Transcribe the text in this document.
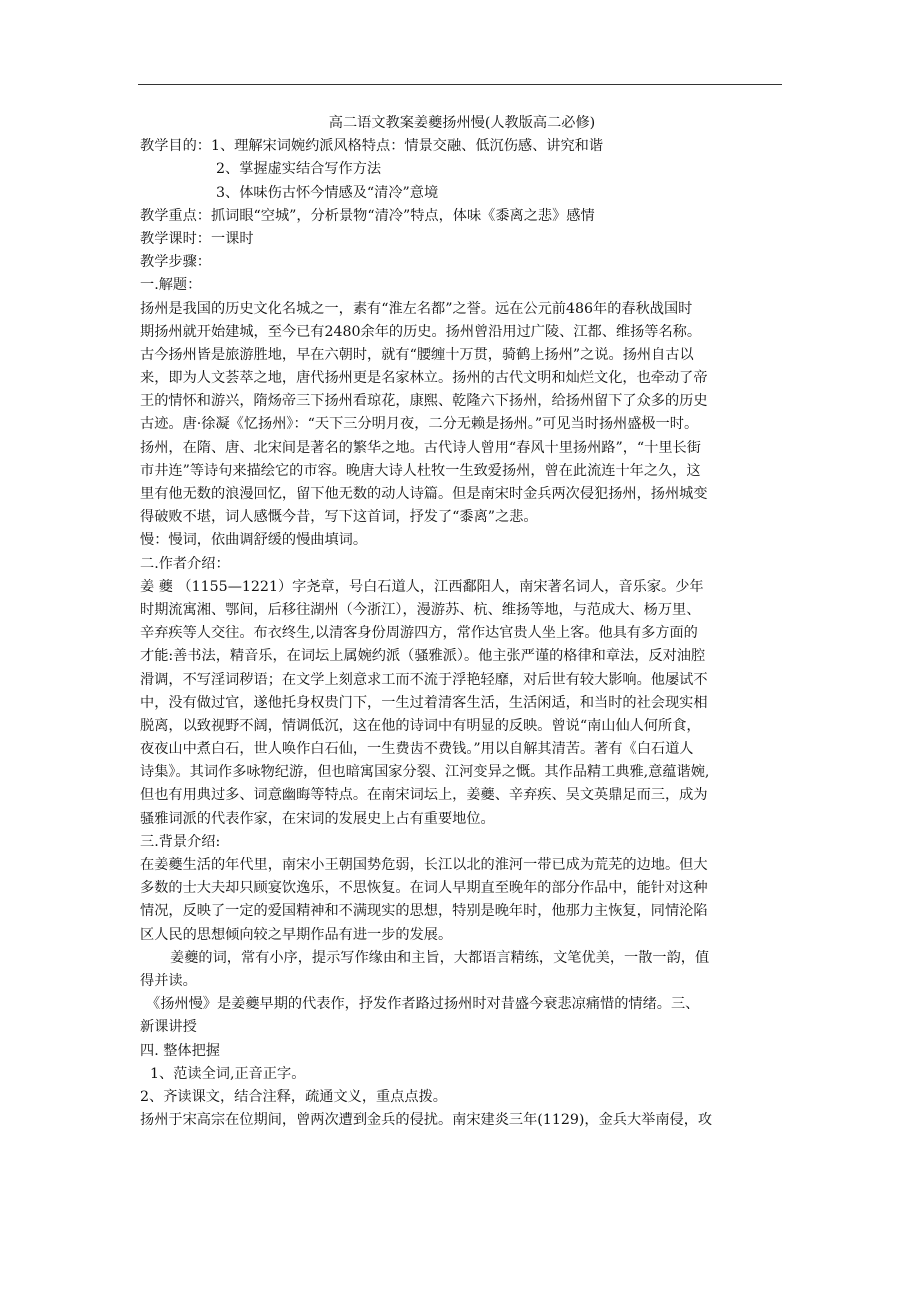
高二语文教案姜夔扬州慢(人教版高二必修)
教学目的：1、理解宋词婉约派风格特点：情景交融、低沉伤感、讲究和谐
2、掌握虚实结合写作方法
3、体味伤古怀今情感及“清冷”意境
教学重点：抓词眼“空城”，分析景物“清冷”特点，体味《黍离之悲》感情
教学课时：一课时
教学步骤：
一.解题：
扬州是我国的历史文化名城之一，素有“淮左名都”之誉。远在公元前486年的春秋战国时
期扬州就开始建城，至今已有2480余年的历史。扬州曾沿用过广陵、江都、维扬等名称。
古今扬州皆是旅游胜地，早在六朝时，就有“腰缠十万贯，骑鹤上扬州”之说。扬州自古以
来，即为人文荟萃之地，唐代扬州更是名家林立。扬州的古代文明和灿烂文化，也牵动了帝
王的情怀和游兴，隋炀帝三下扬州看琼花，康熙、乾隆六下扬州，给扬州留下了众多的历史
古迹。唐·徐凝《忆扬州》：“天下三分明月夜，二分无赖是扬州。”可见当时扬州盛极一时。
扬州，在隋、唐、北宋间是著名的繁华之地。古代诗人曾用“春风十里扬州路”，“十里长街
市井连”等诗句来描绘它的市容。晚唐大诗人杜牧一生致爱扬州，曾在此流连十年之久，这
里有他无数的浪漫回忆，留下他无数的动人诗篇。但是南宋时金兵两次侵犯扬州，扬州城变
得破败不堪，词人感慨今昔，写下这首词，抒发了“黍离”之悲。
慢：慢词，依曲调舒缓的慢曲填词。
二.作者介绍：
姜 夔 （1155—1221）字尧章，号白石道人，江西鄱阳人，南宋著名词人，音乐家。少年
时期流寓湘、鄂间，后移往湖州（今浙江），漫游苏、杭、维扬等地，与范成大、杨万里、
辛弃疾等人交往。布衣终生,以清客身份周游四方，常作达官贵人坐上客。他具有多方面的
才能:善书法，精音乐，在词坛上属婉约派（骚雅派）。他主张严谨的格律和章法，反对油腔
滑调，不写淫词秽语；在文学上刻意求工而不流于浮艳轻靡，对后世有较大影响。他屡试不
中，没有做过官，遂他托身权贵门下，一生过着清客生活，生活闲适，和当时的社会现实相
脱离，以致视野不阔，情调低沉，这在他的诗词中有明显的反映。曾说“南山仙人何所食，
夜夜山中煮白石，世人唤作白石仙，一生费齿不费钱。”用以自解其清苦。著有《白石道人
诗集》。其词作多咏物纪游，但也暗寓国家分裂、江河变异之慨。其作品精工典雅,意蕴谐婉,
但也有用典过多、词意幽晦等特点。在南宋词坛上，姜夔、辛弃疾、吴文英鼎足而三，成为
骚雅词派的代表作家，在宋词的发展史上占有重要地位。
三.背景介绍:
在姜夔生活的年代里，南宋小王朝国势危弱，长江以北的淮河一带已成为荒芜的边地。但大
多数的士大夫却只顾宴饮逸乐，不思恢复。在词人早期直至晚年的部分作品中，能针对这种
情况，反映了一定的爱国精神和不满现实的思想，特别是晚年时，他那力主恢复，同情沦陷
区人民的思想倾向较之早期作品有进一步的发展。
姜夔的词，常有小序，提示写作缘由和主旨，大都语言精练，文笔优美，一散一韵，值
得并读。
《扬州慢》是姜夔早期的代表作，抒发作者路过扬州时对昔盛今衰悲凉痛惜的情绪。三、
新课讲授
四. 整体把握
1、范读全词,正音正字。
2、齐读课文，结合注释，疏通文义，重点点拨。
扬州于宋高宗在位期间，曾两次遭到金兵的侵扰。南宋建炎三年(1129)，金兵大举南侵，攻
